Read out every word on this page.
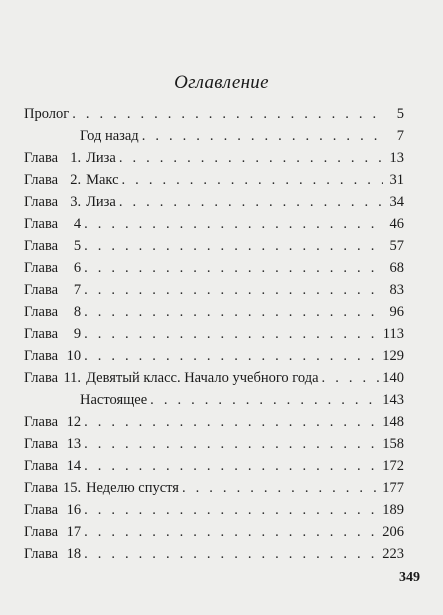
Оглавление
Пролог . . .	5
Год назад . . .	7
Глава 1. Лиза . . .	13
Глава 2. Макс . . .	31
Глава 3. Лиза . . .	34
Глава	4 . . .	46
Глава	5 . . .	57
Глава	6 . . .	68
Глава	7 . . .	83
Глава	8 . . .	96
Глава	9 . . .	113
Глава 10 . . .	129
Глава 11. Девятый класс. Начало учебного года . . .	140
Настоящее . . .	143
Глава 12 . . .	148
Глава 13 . . .	158
Глава 14 . . .	172
Глава 15. Неделю спустя . . .	177
Глава 16 . . .	189
Глава 17 . . .	206
Глава 18 . . .	223
349
